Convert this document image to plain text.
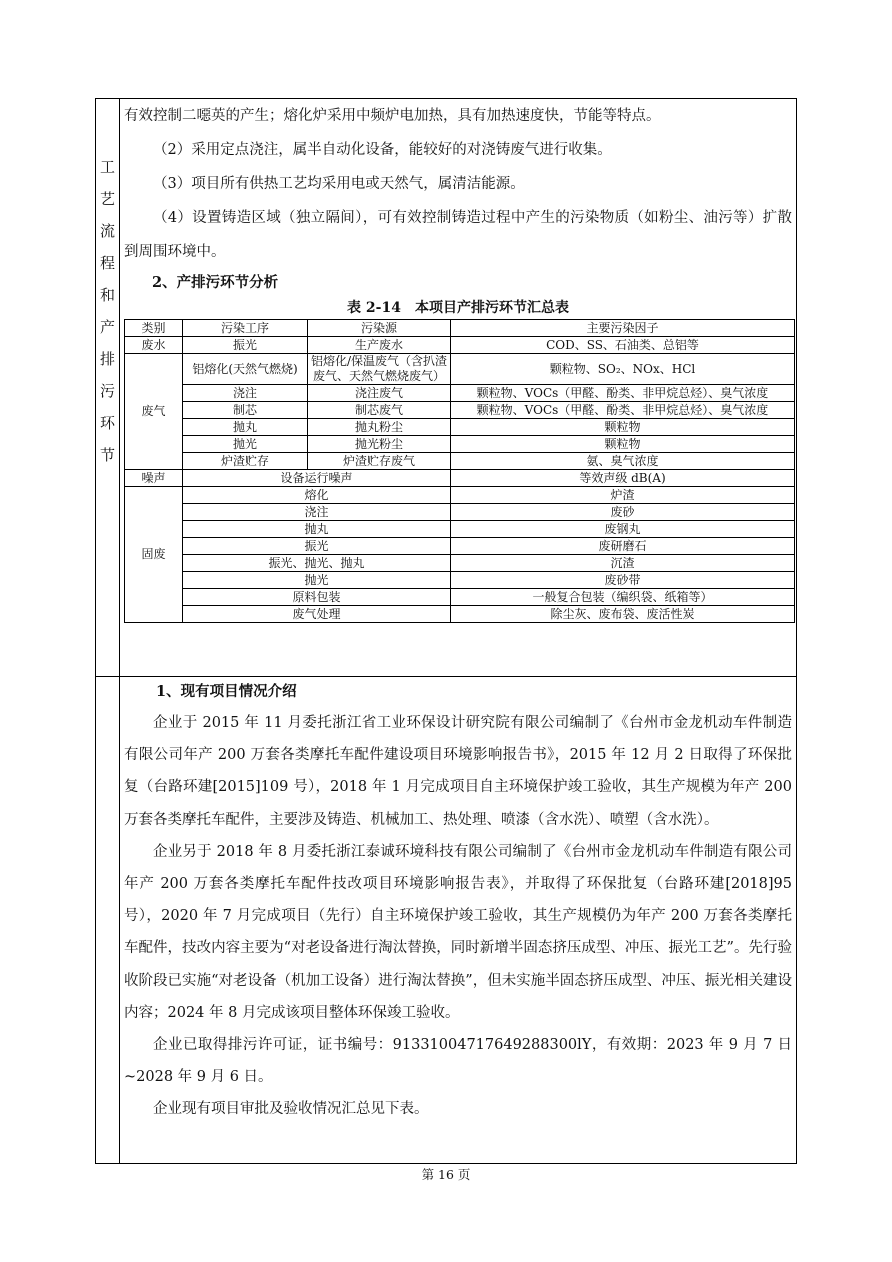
工
艺
流
程
和
产
排
污
环
节

有效控制二噁英的产生；熔化炉采用中频炉电加热，具有加热速度快，节能等特点。

（2）采用定点浇注，属半自动化设备，能较好的对浇铸废气进行收集。

（3）项目所有供热工艺均采用电或天然气，属清洁能源。

（4）设置铸造区域（独立隔间），可有效控制铸造过程中产生的污染物质（如粉尘、油污等）扩散到周围环境中。

2、产排污环节分析

表 2-14　本项目产排污环节汇总表
类别	污染工序	污染源	主要污染因子
废水	振光	生产废水	COD、SS、石油类、总铝等
废气	铝熔化(天然气燃烧)	铝熔化/保温废气（含扒渣废气、天然气燃烧废气）	颗粒物、SO₂、NOx、HCl
	浇注	浇注废气	颗粒物、VOCs（甲醛、酚类、非甲烷总烃）、臭气浓度
	制芯	制芯废气	颗粒物、VOCs（甲醛、酚类、非甲烷总烃）、臭气浓度
	抛丸	抛丸粉尘	颗粒物
	抛光	抛光粉尘	颗粒物
	炉渣贮存	炉渣贮存废气	氨、臭气浓度
噪声	设备运行噪声		等效声级 dB(A)
固废	熔化		炉渣
	浇注		废砂
	抛丸		废钢丸
	振光		废研磨石
	振光、抛光、抛丸		沉渣
	抛光		废砂带
	原料包装		一般复合包装（编织袋、纸箱等）
	废气处理		除尘灰、废布袋、废活性炭

1、现有项目情况介绍

企业于 2015 年 11 月委托浙江省工业环保设计研究院有限公司编制了《台州市金龙机动车件制造有限公司年产 200 万套各类摩托车配件建设项目环境影响报告书》，2015 年 12 月 2 日取得了环保批复（台路环建[2015]109 号），2018 年 1 月完成项目自主环境保护竣工验收，其生产规模为年产 200 万套各类摩托车配件，主要涉及铸造、机械加工、热处理、喷漆（含水洗）、喷塑（含水洗）。

企业另于 2018 年 8 月委托浙江泰诚环境科技有限公司编制了《台州市金龙机动车件制造有限公司年产 200 万套各类摩托车配件技改项目环境影响报告表》，并取得了环保批复（台路环建[2018]95 号），2020 年 7 月完成项目（先行）自主环境保护竣工验收，其生产规模仍为年产 200 万套各类摩托车配件，技改内容主要为“对老设备进行淘汰替换，同时新增半固态挤压成型、冲压、振光工艺”。先行验收阶段已实施“对老设备（机加工设备）进行淘汰替换”，但未实施半固态挤压成型、冲压、振光相关建设内容；2024 年 8 月完成该项目整体环保竣工验收。

企业已取得排污许可证，证书编号：91331004717649288300lY，有效期：2023 年 9 月 7 日~2028 年 9 月 6 日。

企业现有项目审批及验收情况汇总见下表。

第 16 页
